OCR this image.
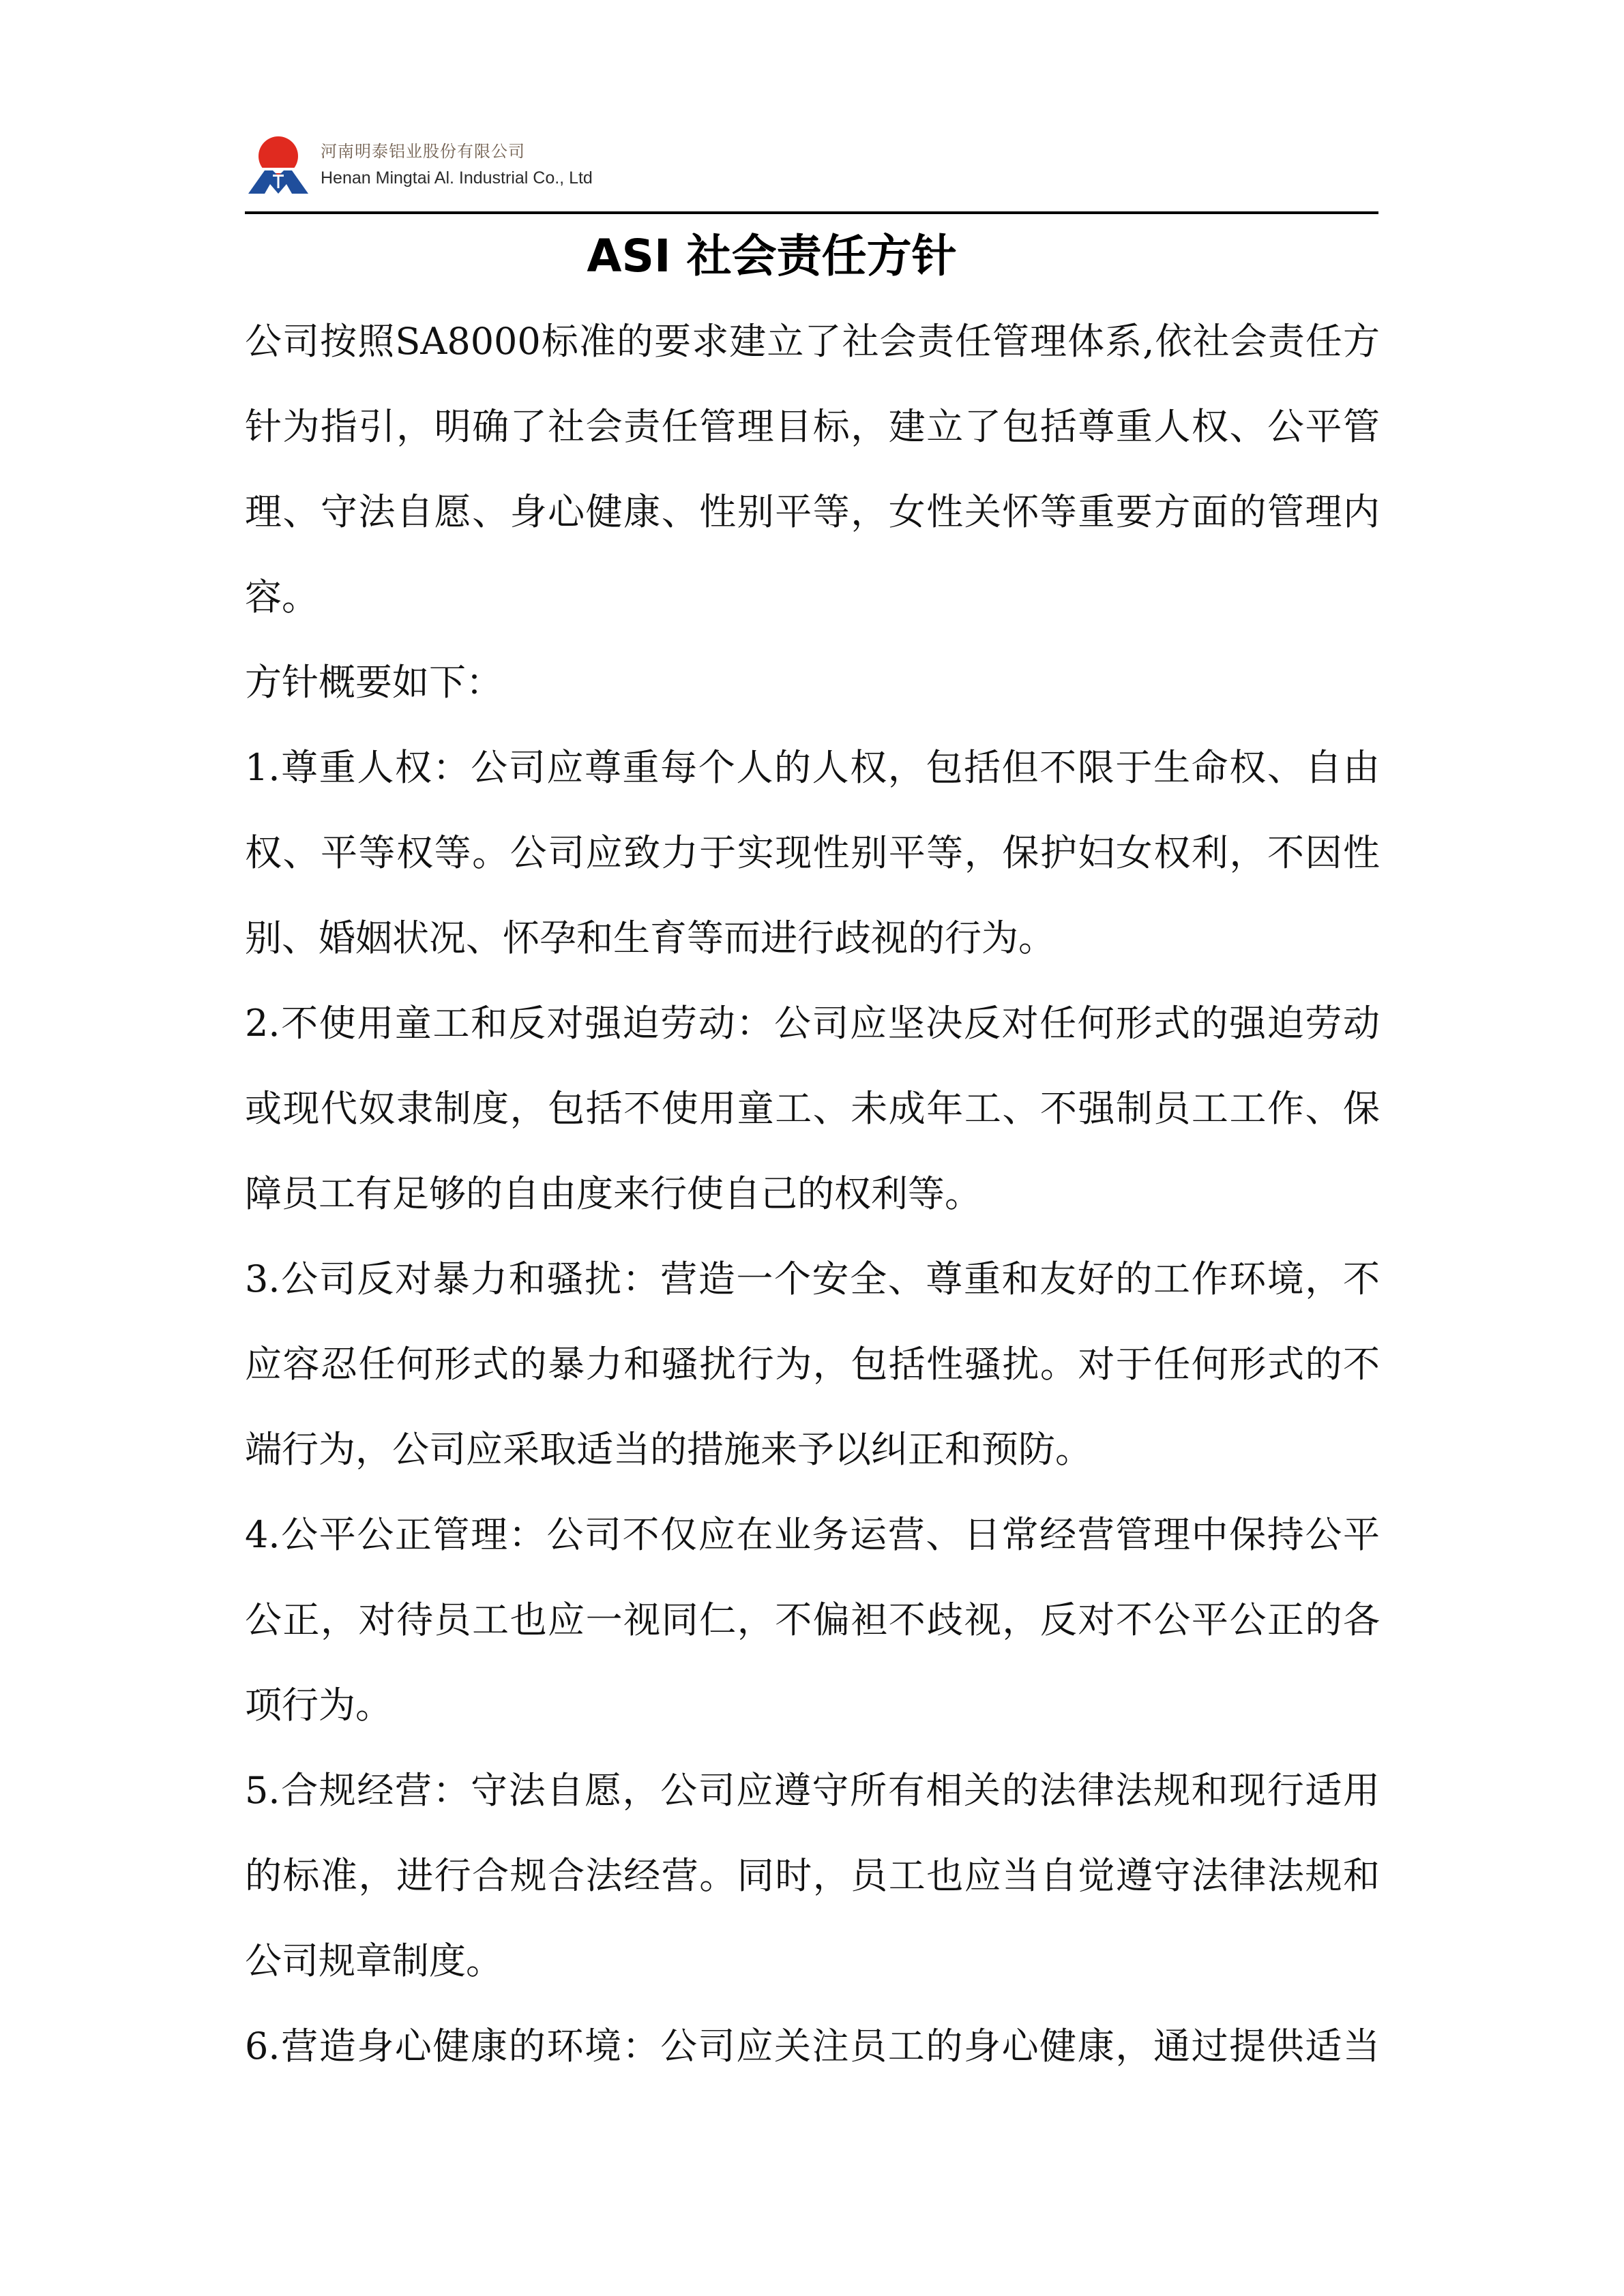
河南明泰铝业股份有限公司
Henan Mingtai Al. Industrial Co., Ltd
ASI 社会责任方针

公司按照SA8000标准的要求建立了社会责任管理体系,依社会责任方
针为指引，明确了社会责任管理目标，建立了包括尊重人权、公平管
理、守法自愿、身心健康、性别平等，女性关怀等重要方面的管理内
容。

方针概要如下：

1.尊重人权：公司应尊重每个人的人权，包括但不限于生命权、自由
权、平等权等。公司应致力于实现性别平等，保护妇女权利，不因性
别、婚姻状况、怀孕和生育等而进行歧视的行为。

2.不使用童工和反对强迫劳动：公司应坚决反对任何形式的强迫劳动
或现代奴隶制度，包括不使用童工、未成年工、不强制员工工作、保
障员工有足够的自由度来行使自己的权利等。

3.公司反对暴力和骚扰：营造一个安全、尊重和友好的工作环境，不
应容忍任何形式的暴力和骚扰行为，包括性骚扰。对于任何形式的不
端行为，公司应采取适当的措施来予以纠正和预防。

4.公平公正管理：公司不仅应在业务运营、日常经营管理中保持公平
公正，对待员工也应一视同仁，不偏袒不歧视，反对不公平公正的各
项行为。

5.合规经营：守法自愿，公司应遵守所有相关的法律法规和现行适用
的标准，进行合规合法经营。同时，员工也应当自觉遵守法律法规和
公司规章制度。

6.营造身心健康的环境：公司应关注员工的身心健康，通过提供适当
